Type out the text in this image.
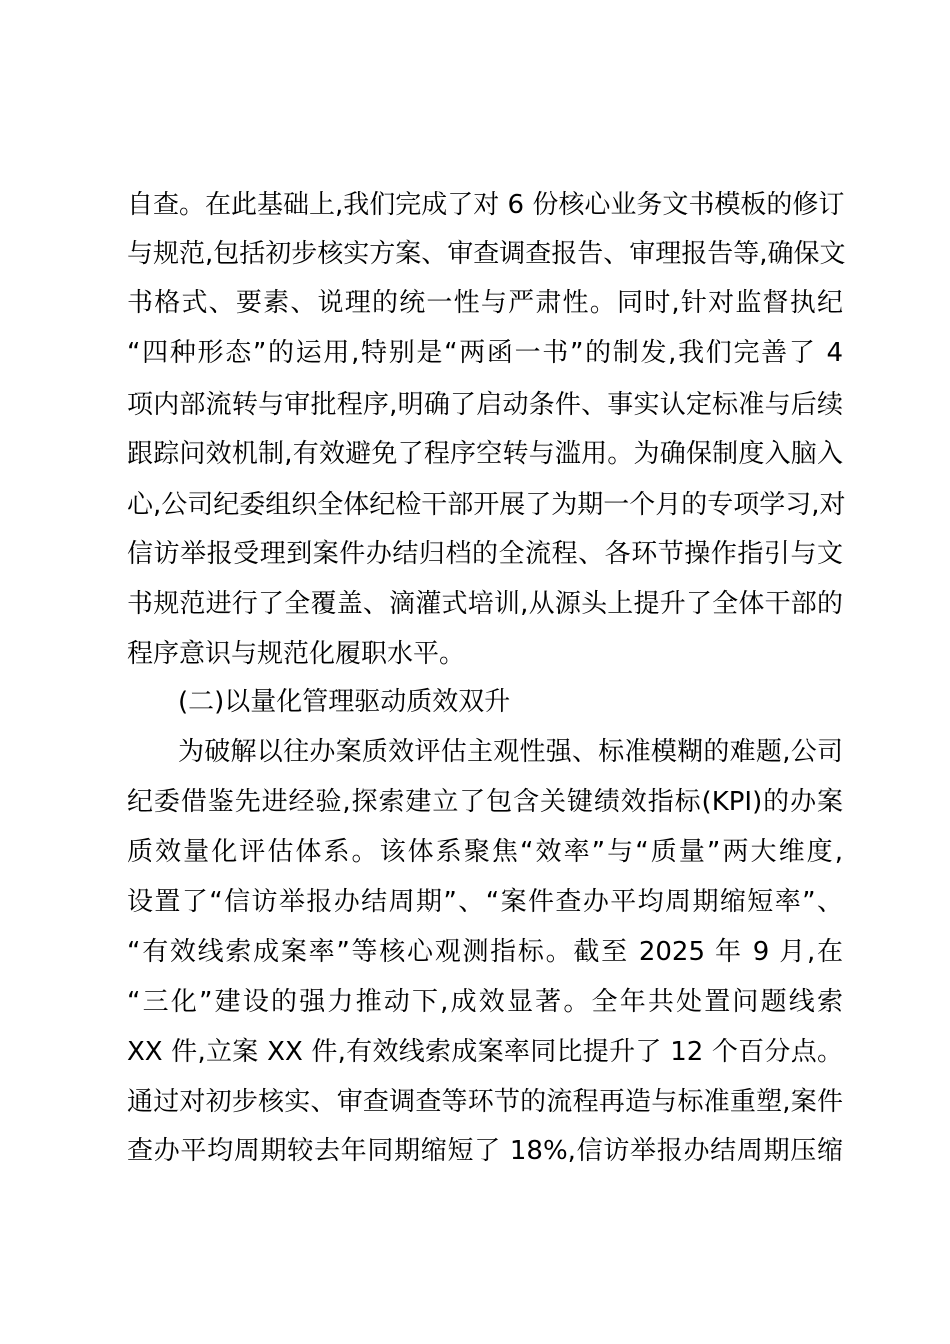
自查。在此基础上,我们完成了对 6 份核心业务文书模板的修订
与规范,包括初步核实方案、审查调查报告、审理报告等,确保文
书格式、要素、说理的统一性与严肃性。同时,针对监督执纪
“四种形态”的运用,特别是“两函一书”的制发,我们完善了 4
项内部流转与审批程序,明确了启动条件、事实认定标准与后续
跟踪问效机制,有效避免了程序空转与滥用。为确保制度入脑入
心,公司纪委组织全体纪检干部开展了为期一个月的专项学习,对
信访举报受理到案件办结归档的全流程、各环节操作指引与文
书规范进行了全覆盖、滴灌式培训,从源头上提升了全体干部的
程序意识与规范化履职水平。
(二)以量化管理驱动质效双升
为破解以往办案质效评估主观性强、标准模糊的难题,公司
纪委借鉴先进经验,探索建立了包含关键绩效指标(KPI)的办案
质效量化评估体系。该体系聚焦“效率”与“质量”两大维度,
设置了“信访举报办结周期”、“案件查办平均周期缩短率”、
“有效线索成案率”等核心观测指标。截至 2025 年 9 月,在
“三化”建设的强力推动下,成效显著。全年共处置问题线索
XX 件,立案 XX 件,有效线索成案率同比提升了 12 个百分点。
通过对初步核实、审查调查等环节的流程再造与标准重塑,案件
查办平均周期较去年同期缩短了 18%,信访举报办结周期压缩
